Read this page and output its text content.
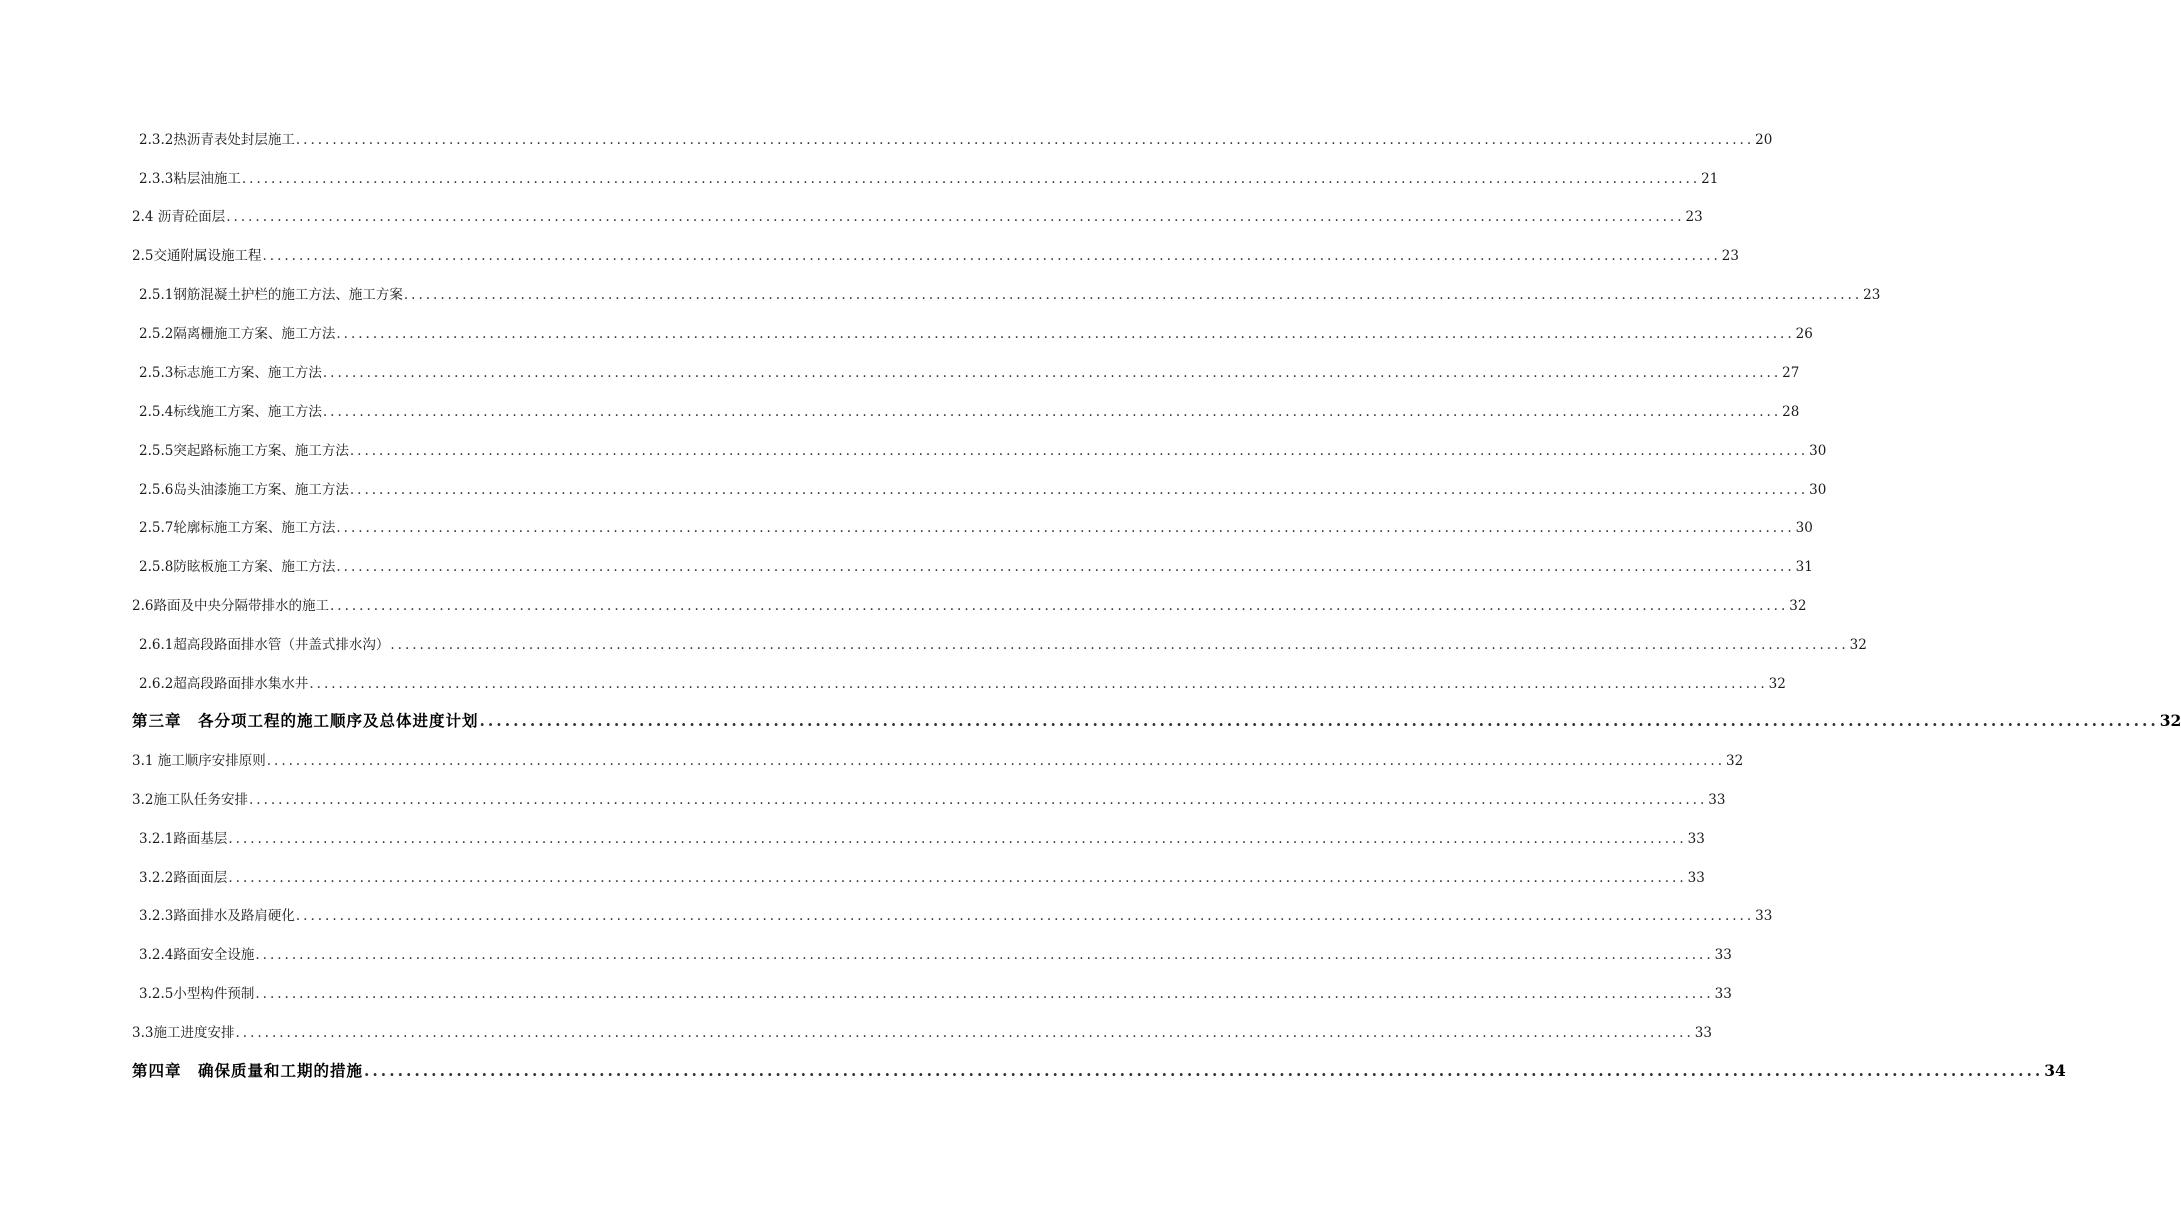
2.3.2热沥青表处封层施工 ........................................................................................................................................................................................................ 20
2.3.3粘层油施工 ........................................................................................................................................................................................................ 21
2.4 沥青砼面层 ........................................................................................................................................................................................................ 23
2.5交通附属设施工程 ........................................................................................................................................................................................................ 23
2.5.1钢筋混凝土护栏的施工方法、施工方案 ........................................................................................................................................................................................................ 23
2.5.2隔离栅施工方案、施工方法 ........................................................................................................................................................................................................ 26
2.5.3标志施工方案、施工方法 ........................................................................................................................................................................................................ 27
2.5.4标线施工方案、施工方法 ........................................................................................................................................................................................................ 28
2.5.5突起路标施工方案、施工方法 ........................................................................................................................................................................................................ 30
2.5.6岛头油漆施工方案、施工方法 ........................................................................................................................................................................................................ 30
2.5.7轮廓标施工方案、施工方法 ........................................................................................................................................................................................................ 30
2.5.8防眩板施工方案、施工方法 ........................................................................................................................................................................................................ 31
2.6路面及中央分隔带排水的施工 ........................................................................................................................................................................................................ 32
2.6.1超高段路面排水管（井盖式排水沟） ........................................................................................................................................................................................................ 32
2.6.2超高段路面排水集水井 ........................................................................................................................................................................................................ 32
第三章　各分项工程的施工顺序及总体进度计划 ........................................................................................................................................................................................................ 32
3.1 施工顺序安排原则 ........................................................................................................................................................................................................ 32
3.2施工队任务安排 ........................................................................................................................................................................................................ 33
3.2.1路面基层 ........................................................................................................................................................................................................ 33
3.2.2路面面层 ........................................................................................................................................................................................................ 33
3.2.3路面排水及路肩硬化 ........................................................................................................................................................................................................ 33
3.2.4路面安全设施 ........................................................................................................................................................................................................ 33
3.2.5小型构件预制 ........................................................................................................................................................................................................ 33
3.3施工进度安排 ........................................................................................................................................................................................................ 33
第四章　确保质量和工期的措施 ........................................................................................................................................................................................................ 34
